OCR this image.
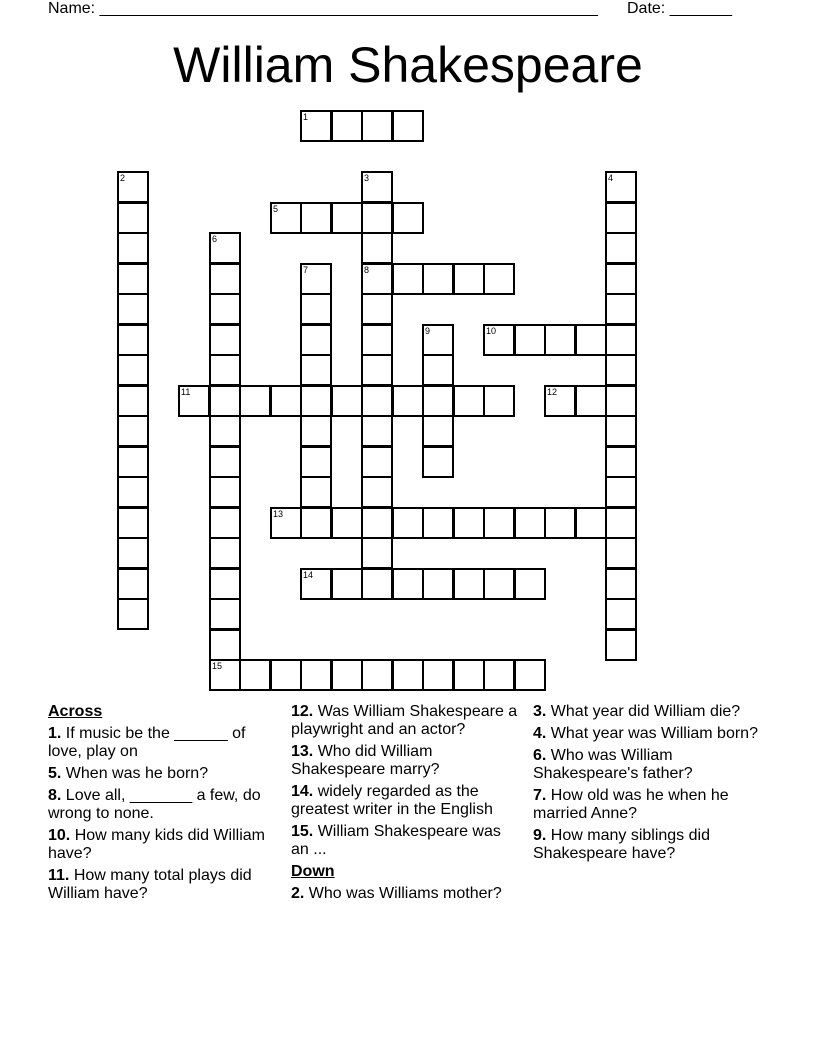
Name: ________________________________________________________ Date: _______
William Shakespeare
1
2	3
8
4
5
6
15
7
9	10
11	12
13
14
Across
1. If music be the ______ of love, play on
5. When was he born?
8. Love all, _______ a few, do wrong to none.
10. How many kids did William have?
11. How many total plays did William have?
12. Was William Shakespeare a playwright and an actor?
13. Who did William Shakespeare marry?
14. widely regarded as the greatest writer in the English
15. William Shakespeare was an ...
Down
2. Who was Williams mother?
3. What year did William die?
4. What year was William born?
6. Who was William Shakespeare's father?
7. How old was he when he married Anne?
9. How many siblings did Shakespeare have?
